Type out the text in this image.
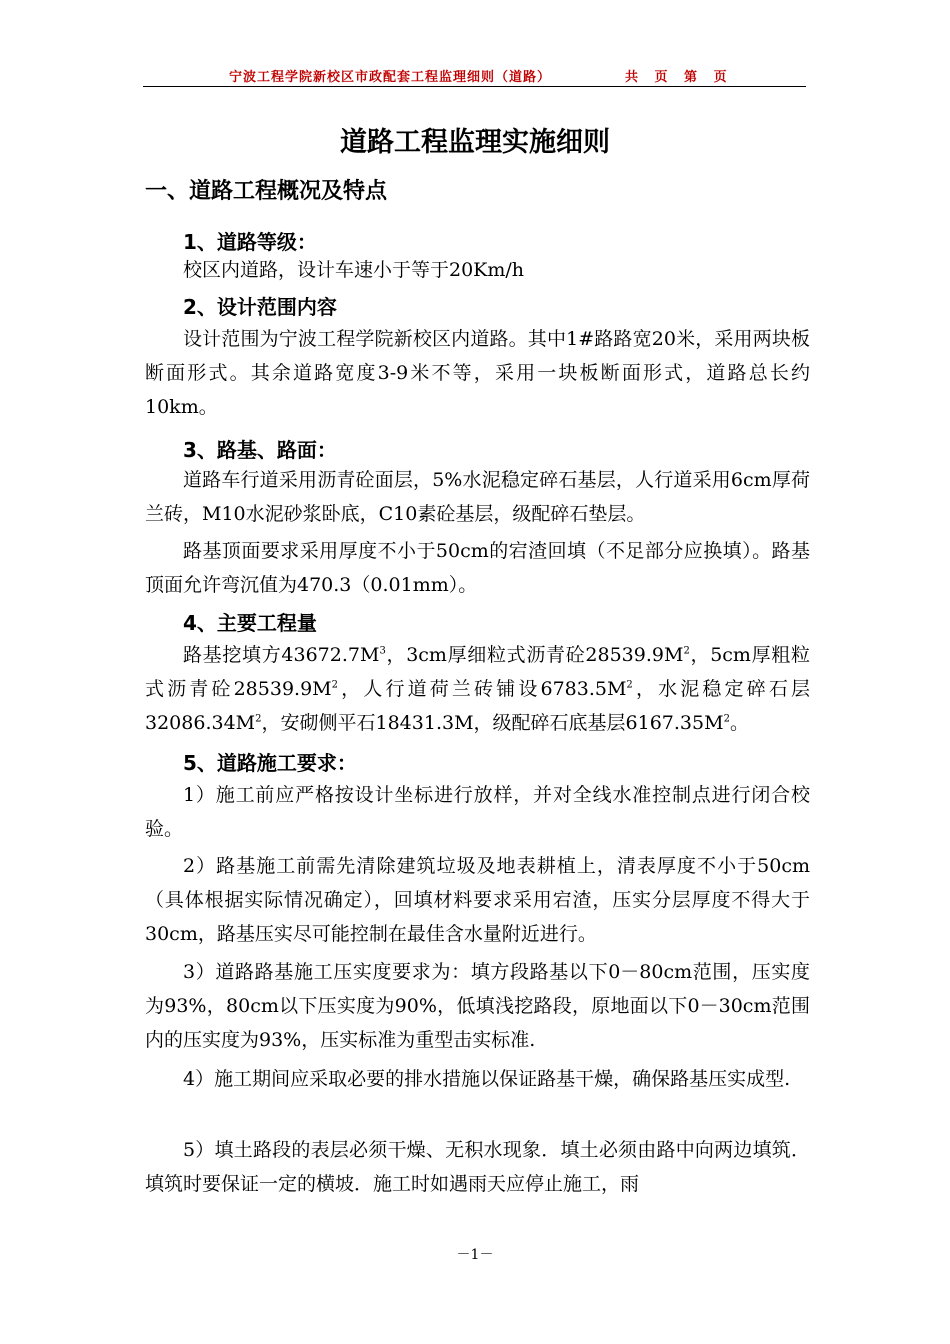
宁波工程学院新校区市政配套工程监理细则（道路）	共 页 第 页
道路工程监理实施细则
一、道路工程概况及特点
1、道路等级：
校区内道路，设计车速小于等于20Km/h
2、设计范围内容
设计范围为宁波工程学院新校区内道路。其中1#路路宽20米，采用两块板断面形式。其余道路宽度3-9米不等，采用一块板断面形式，道路总长约10km。
3、路基、路面：
道路车行道采用沥青砼面层，5%水泥稳定碎石基层，人行道采用6cm厚荷兰砖，M10水泥砂浆卧底，C10素砼基层，级配碎石垫层。
路基顶面要求采用厚度不小于50cm的宕渣回填（不足部分应换填）。路基顶面允许弯沉值为470.3（0.01mm）。
4、主要工程量
路基挖填方$43672.7M^3$，3cm厚细粒式沥青砼$28539.9M^2$，5cm厚粗粒式沥青砼$28539.9M^2$，人行道荷兰砖铺设$6783.5M^2$，水泥稳定碎石层$32086.34M^2$，安砌侧平石18431.3M，级配碎石底基层$6167.35M^2$。
5、道路施工要求：
1）施工前应严格按设计坐标进行放样，并对全线水准控制点进行闭合校验。
2）路基施工前需先清除建筑垃圾及地表耕植上，清表厚度不小于50cm（具体根据实际情况确定），回填材料要求采用宕渣，压实分层厚度不得大于30cm，路基压实尽可能控制在最佳含水量附近进行。
3）道路路基施工压实度要求为：填方段路基以下0－80cm范围，压实度为93%，80cm以下压实度为90%，低填浅挖路段，原地面以下0－30cm范围内的压实度为93%，压实标准为重型击实标准.
4）施工期间应采取必要的排水措施以保证路基干燥，确保路基压实成型.
5）填土路段的表层必须干燥、无积水现象．填土必须由路中向两边填筑．填筑时要保证一定的横坡．施工时如遇雨天应停止施工，雨
－1－
